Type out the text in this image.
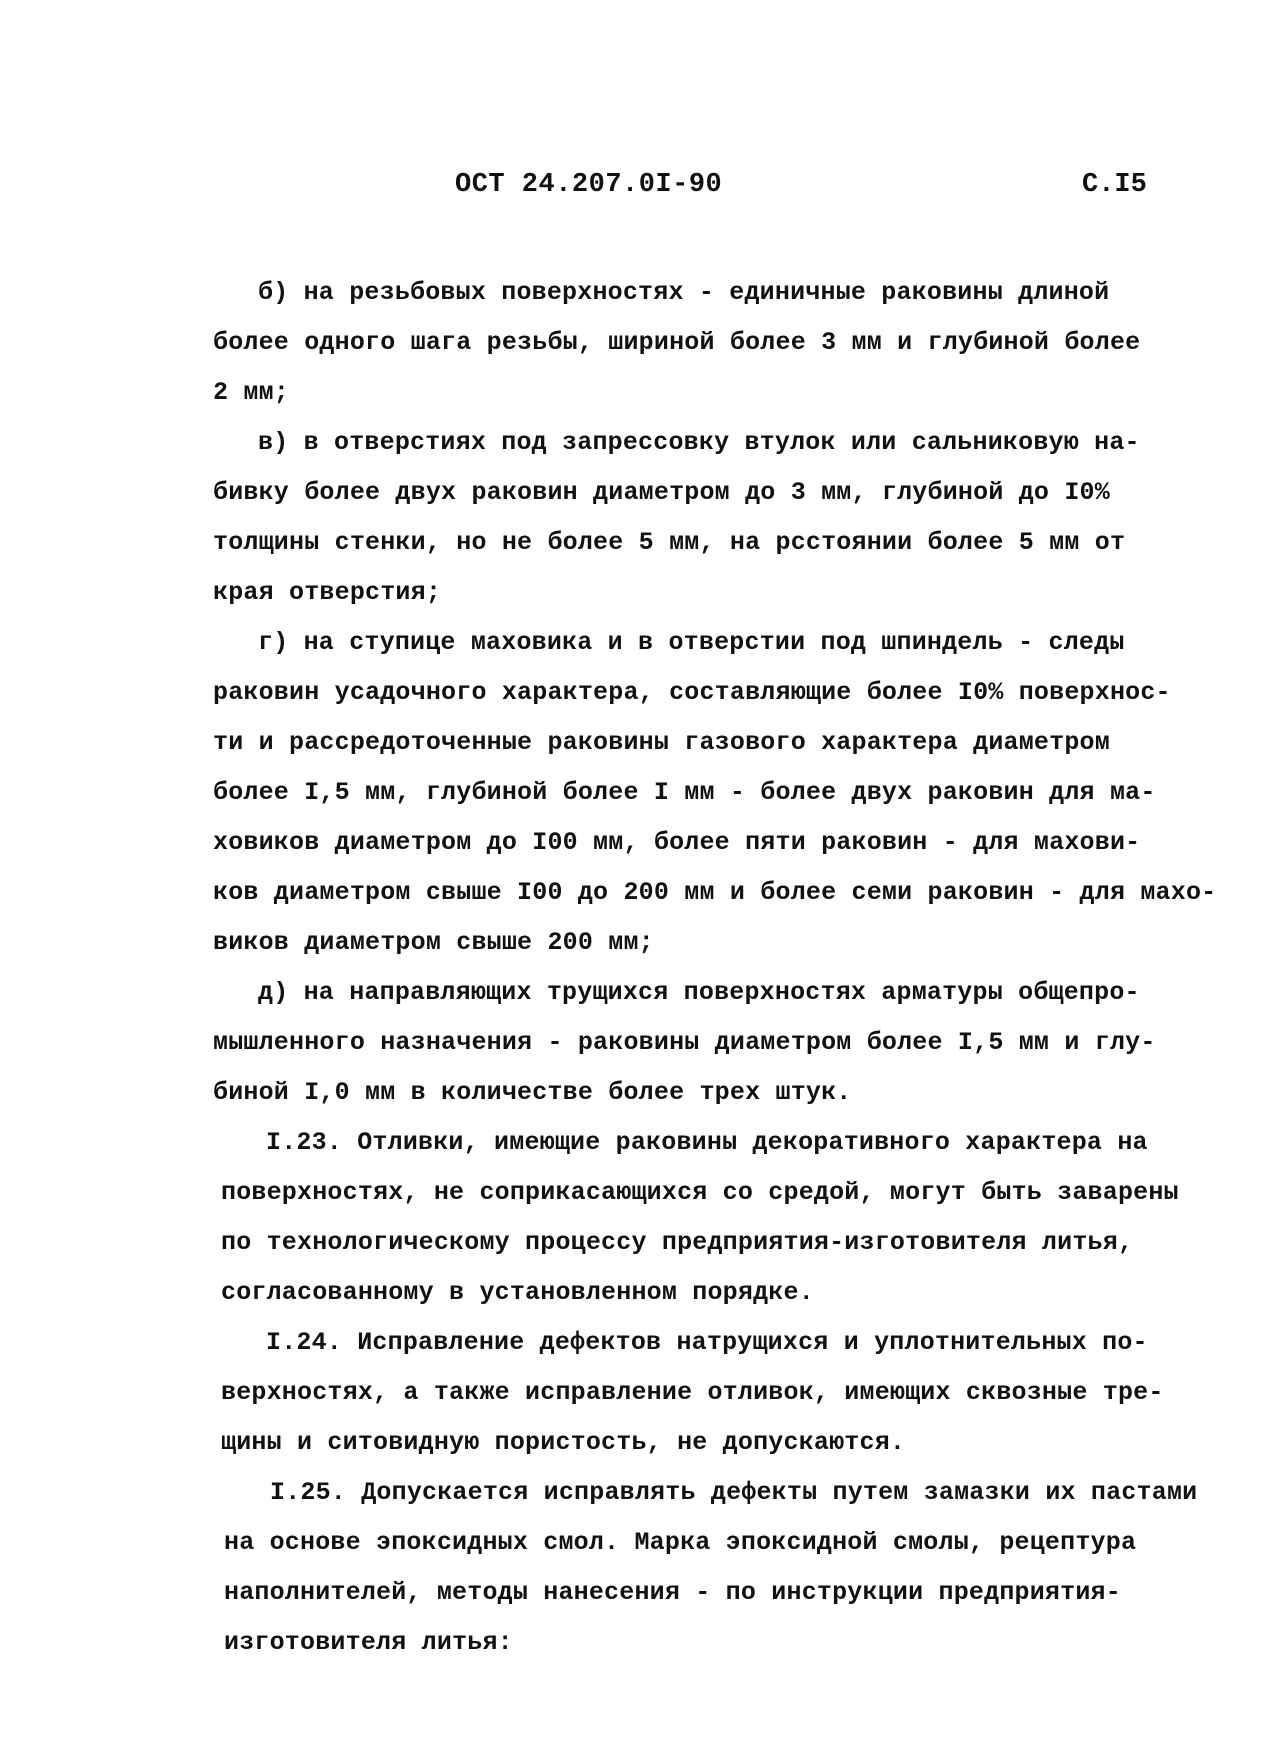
ОСТ 24.207.0I-90	С.I5
б) на резьбовых поверхностях - единичные раковины длиной
более одного шага резьбы, шириной более 3 мм и глубиной более
2 мм;
в) в отверстиях под запрессовку втулок или сальниковую на-
бивку более двух раковин диаметром до 3 мм, глубиной до I0%
толщины стенки, но не более 5 мм, на рсстоянии более 5 мм от
края отверстия;
г) на ступице маховика и в отверстии под шпиндель - следы
раковин усадочного характера, составляющие более I0% поверхнос-
ти и рассредоточенные раковины газового характера диаметром
более I,5 мм, глубиной более I мм - более двух раковин для ма-
ховиков диаметром до I00 мм, более пяти раковин - для махови-
ков диаметром свыше I00 до 200 мм и более семи раковин - для махо-
виков диаметром свыше 200 мм;
д) на направляющих трущихся поверхностях арматуры общепро-
мышленного назначения - раковины диаметром более I,5 мм и глу-
биной I,0 мм в количестве более трех штук.
I.23. Отливки, имеющие раковины декоративного характера на
поверхностях, не соприкасающихся со средой, могут быть заварены
по технологическому процессу предприятия-изготовителя литья,
согласованному в установленном порядке.
I.24. Исправление дефектов натрущихся и уплотнительных по-
верхностях, а также исправление отливок, имеющих сквозные тре-
щины и ситовидную пористость, не допускаются.
I.25. Допускается исправлять дефекты путем замазки их пастами
на основе эпоксидных смол. Марка эпоксидной смолы, рецептура
наполнителей, методы нанесения - по инструкции предприятия-
изготовителя литья:
